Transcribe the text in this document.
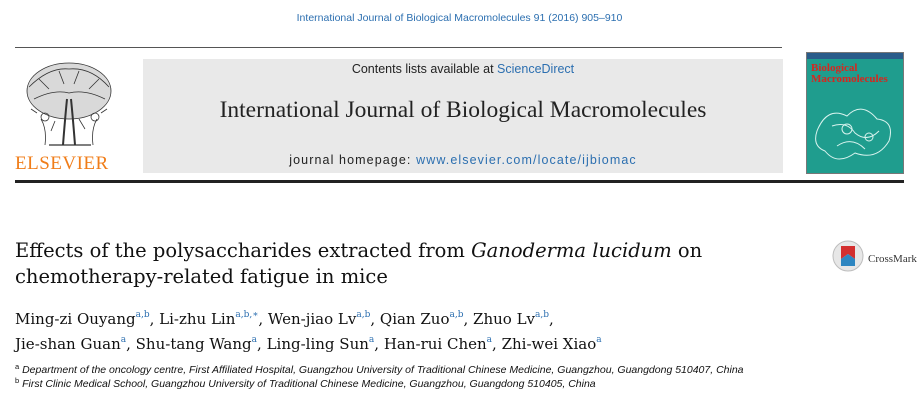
International Journal of Biological Macromolecules 91 (2016) 905–910
ELSEVIER
Contents lists available at ScienceDirect
International Journal of Biological Macromolecules
journal homepage: www.elsevier.com/locate/ijbiomac
Biological Macromolecules
Effects of the polysaccharides extracted from Ganoderma lucidum on chemotherapy-related fatigue in mice
CrossMark
Ming-zi Ouyang$^{a,b}$, Li-zhu Lin$^{a,b,∗}$, Wen-jiao Lv$^{a,b}$, Qian Zuo$^{a,b}$, Zhuo Lv$^{a,b}$,
Jie-shan Guan$^a$, Shu-tang Wang$^a$, Ling-ling Sun$^a$, Han-rui Chen$^a$, Zhi-wei Xiao$^a$
$^a$ Department of the oncology centre, First Affiliated Hospital, Guangzhou University of Traditional Chinese Medicine, Guangzhou, Guangdong 510407, China
$^b$ First Clinic Medical School, Guangzhou University of Traditional Chinese Medicine, Guangzhou, Guangdong 510405, China
